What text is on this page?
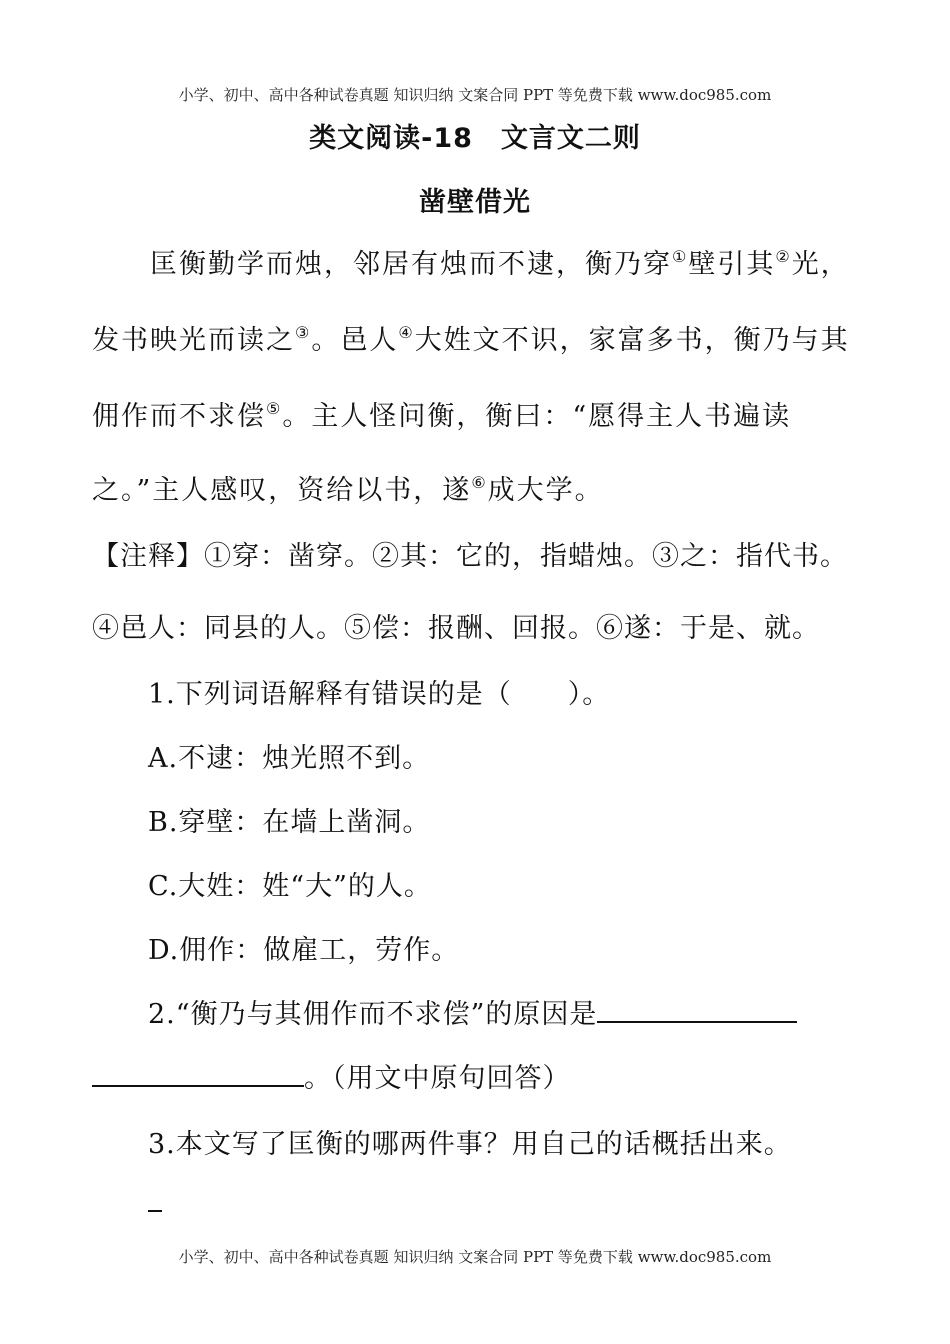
小学、初中、高中各种试卷真题 知识归纳 文案合同 PPT 等免费下载 www.doc985.com
类文阅读-18　文言文二则
凿壁借光
匡衡勤学而烛，邻居有烛而不逮，衡乃穿①壁引其②光，
发书映光而读之③。邑人④大姓文不识，家富多书，衡乃与其
佣作而不求偿⑤。主人怪问衡，衡曰：“愿得主人书遍读
之。”主人感叹，资给以书，遂⑥成大学。
【注释】①穿：凿穿。②其：它的，指蜡烛。③之：指代书。
④邑人：同县的人。⑤偿：报酬、回报。⑥遂：于是、就。
1.下列词语解释有错误的是（　　）。
A.不逮：烛光照不到。
B.穿壁：在墙上凿洞。
C.大姓：姓“大”的人。
D.佣作：做雇工，劳作。
2.“衡乃与其佣作而不求偿”的原因是
。（用文中原句回答）
3.本文写了匡衡的哪两件事？用自己的话概括出来。
小学、初中、高中各种试卷真题 知识归纳 文案合同 PPT 等免费下载 www.doc985.com
